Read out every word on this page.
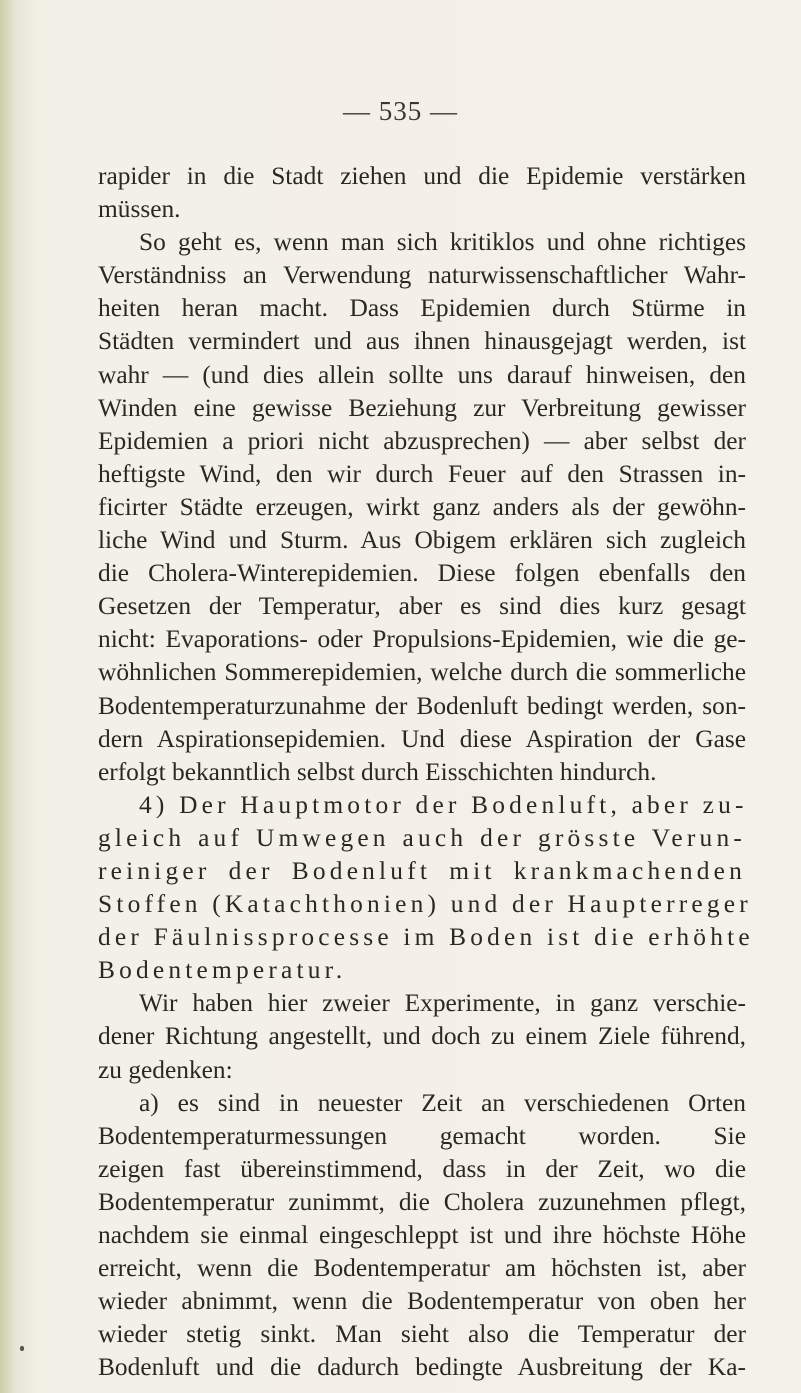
— 535 —
rapider in die Stadt ziehen und die Epidemie verstärken
müssen.
So geht es, wenn man sich kritiklos und ohne richtiges
Verständniss an Verwendung naturwissenschaftlicher Wahr-
heiten heran macht. Dass Epidemien durch Stürme in
Städten vermindert und aus ihnen hinausgejagt werden, ist
wahr — (und dies allein sollte uns darauf hinweisen, den
Winden eine gewisse Beziehung zur Verbreitung gewisser
Epidemien a priori nicht abzusprechen) — aber selbst der
heftigste Wind, den wir durch Feuer auf den Strassen in-
ficirter Städte erzeugen, wirkt ganz anders als der gewöhn-
liche Wind und Sturm. Aus Obigem erklären sich zugleich
die Cholera-Winterepidemien. Diese folgen ebenfalls den
Gesetzen der Temperatur, aber es sind dies kurz gesagt
nicht: Evaporations- oder Propulsions-Epidemien, wie die ge-
wöhnlichen Sommerepidemien, welche durch die sommerliche
Bodentemperaturzunahme der Bodenluft bedingt werden, son-
dern Aspirationsepidemien. Und diese Aspiration der Gase
erfolgt bekanntlich selbst durch Eisschichten hindurch.
4) Der Hauptmotor der Bodenluft, aber zu-
gleich auf Umwegen auch der grösste Verun-
reiniger der Bodenluft mit krankmachenden
Stoffen (Katachthonien) und der Haupterreger
der Fäulnissprocesse im Boden ist die erhöhte
Bodentemperatur.
Wir haben hier zweier Experimente, in ganz verschie-
dener Richtung angestellt, und doch zu einem Ziele führend,
zu gedenken:
a) es sind in neuester Zeit an verschiedenen Orten
Bodentemperaturmessungen gemacht worden. Sie
zeigen fast übereinstimmend, dass in der Zeit, wo die
Bodentemperatur zunimmt, die Cholera zuzunehmen pflegt,
nachdem sie einmal eingeschleppt ist und ihre höchste Höhe
erreicht, wenn die Bodentemperatur am höchsten ist, aber
wieder abnimmt, wenn die Bodentemperatur von oben her
wieder stetig sinkt. Man sieht also die Temperatur der
Bodenluft und die dadurch bedingte Ausbreitung der Ka-
